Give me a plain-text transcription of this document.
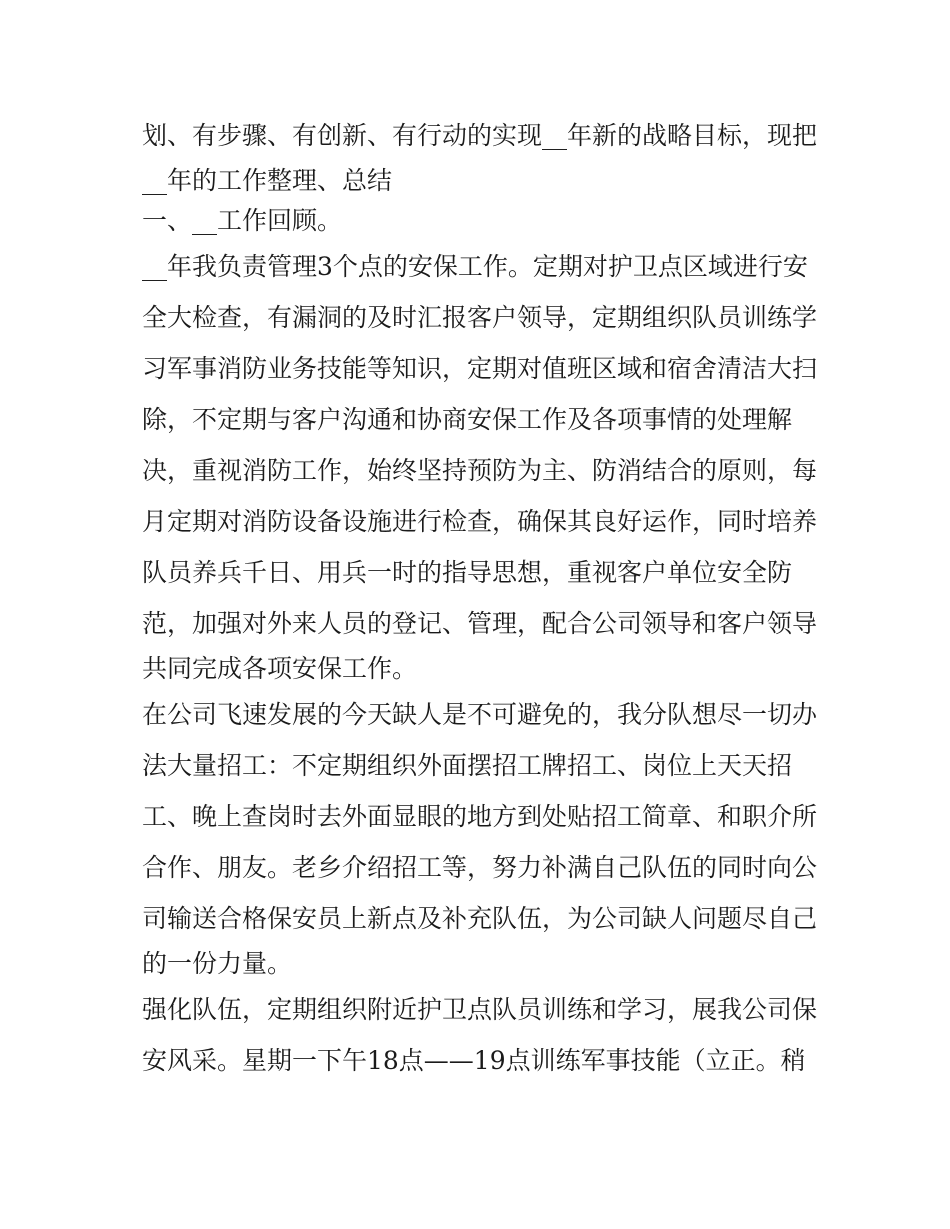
划、有步骤、有创新、有行动的实现__年新的战略目标，现把

__年的工作整理、总结

一、__工作回顾。

__年我负责管理3个点的安保工作。定期对护卫点区域进行安

全大检查，有漏洞的及时汇报客户领导，定期组织队员训练学

习军事消防业务技能等知识，定期对值班区域和宿舍清洁大扫

除，不定期与客户沟通和协商安保工作及各项事情的处理解

决，重视消防工作，始终坚持预防为主、防消结合的原则，每

月定期对消防设备设施进行检查，确保其良好运作，同时培养

队员养兵千日、用兵一时的指导思想，重视客户单位安全防

范，加强对外来人员的登记、管理，配合公司领导和客户领导

共同完成各项安保工作。

在公司飞速发展的今天缺人是不可避免的，我分队想尽一切办

法大量招工：不定期组织外面摆招工牌招工、岗位上天天招

工、晚上查岗时去外面显眼的地方到处贴招工简章、和职介所

合作、朋友。老乡介绍招工等，努力补满自己队伍的同时向公

司输送合格保安员上新点及补充队伍，为公司缺人问题尽自己

的一份力量。

强化队伍，定期组织附近护卫点队员训练和学习，展我公司保

安风采。星期一下午18点——19点训练军事技能（立正。稍
